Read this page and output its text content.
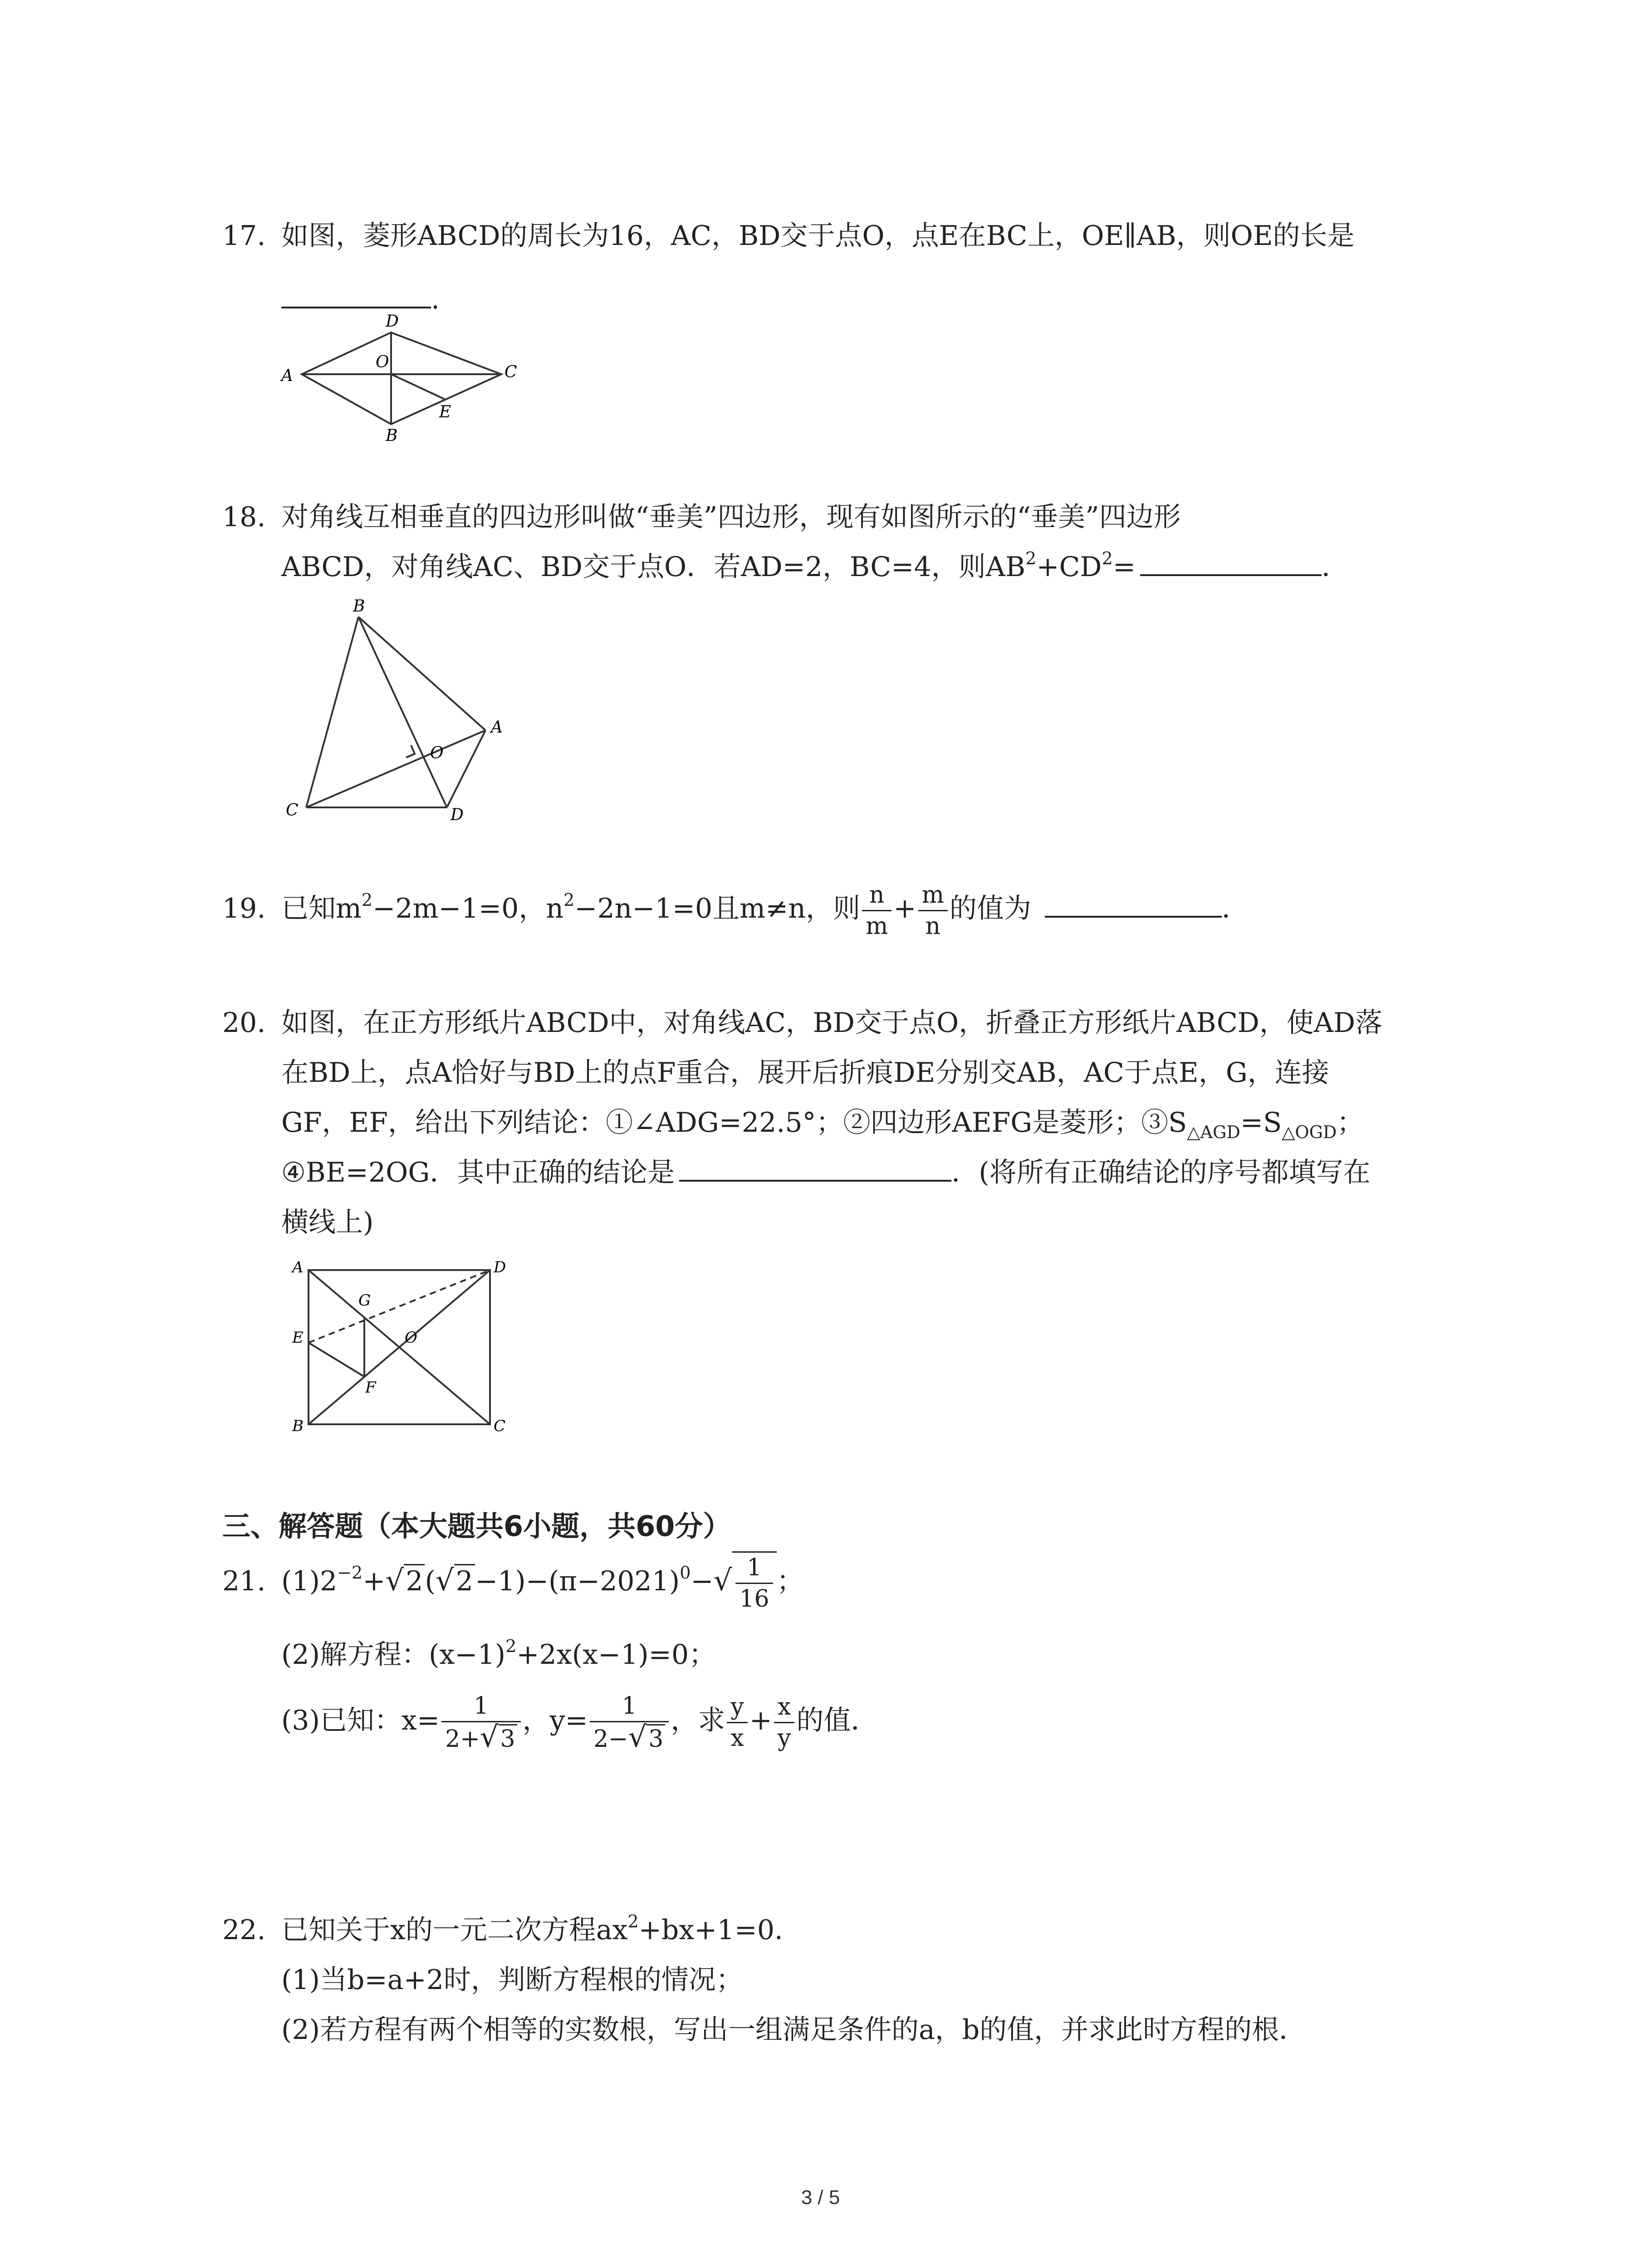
17. 如图，菱形ABCD的周长为16，AC，BD交于点O，点E在BC上，OE∥AB，则OE的长是
.
A
D
O
C
E
B
18. 对角线互相垂直的四边形叫做“垂美”四边形，现有如图所示的“垂美”四边形
ABCD，对角线AC、BD交于点O．若AD=2，BC=4，则$AB^2+CD^2=$	．
B
A
O
C	D
19. 已知$m^2-2m-1=0$，$n^2-2n-1=0$且m≠n，则 $\frac{n}{m} + \frac{m}{n}$ 的值为	．
20. 如图，在正方形纸片ABCD中，对角线AC，BD交于点O，折叠正方形纸片ABCD，使AD落
在BD上，点A恰好与BD上的点F重合，展开后折痕DE分别交AB，AC于点E，G，连接
GF，EF，给出下列结论：①∠ADG=22.5°；②四边形AEFG是菱形；$③S_{\triangle AGD}=S_{\triangle OGD}$；
④BE=2OG．其中正确的结论是	．(将所有正确结论的序号都填写在
横线上)
A	D
G
E	O
F
B	C
三、解答题（本大题共6小题，共60分）
21. $(1)2^{-2}+√2(√2-1)-(\pi-2021)^0-√ \frac{1}{16}$ ；
(2)解方程：$(x-1)^2+2x(x-1)=0$；
(3)已知：$x= \frac{1}{2+√3}$ ，$y= \frac{1}{2-√3}$ ，求 $\frac{y}{x} + \frac{x}{y}$ 的值．
22. 已知关于x的一元二次方程$ax^2+bx+1=0$．
(1)当b=a+2时，判断方程根的情况；
(2)若方程有两个相等的实数根，写出一组满足条件的a，b的值，并求此时方程的根．
3 / 5
